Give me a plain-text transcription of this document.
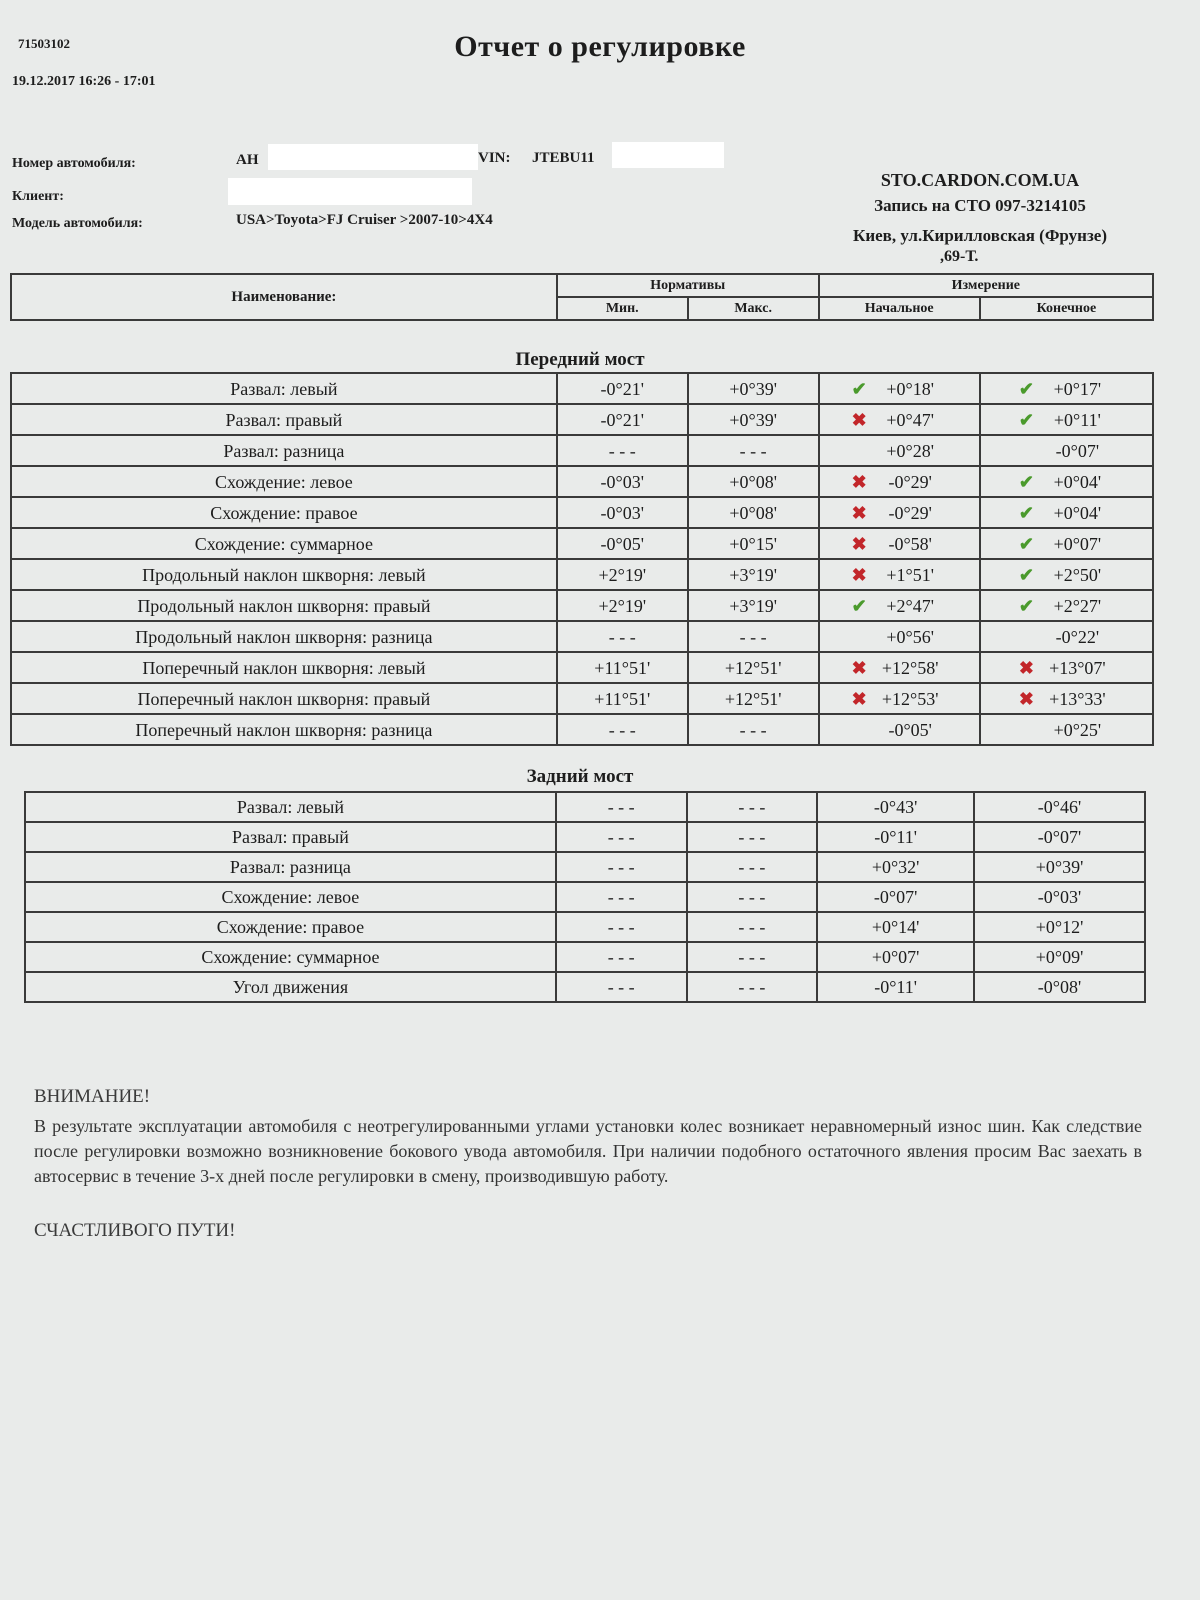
71503102
19.12.2017 16:26 - 17:01
Отчет о регулировке
Номер автомобиля:	AH	VIN: JTEBU11
Клиент:
Модель автомобиля:	USA>Toyota>FJ Cruiser >2007-10>4X4
STO.CARDON.COM.UA
Запись на СТО 097-3214105
Киев, ул.Кирилловская (Фрунзе)
,69-Т.
Наименование:	Нормативы		Измерение	
	Мин.	Макс.	Начальное	Конечное
Передний мост
Развал: левый	-0°21'	+0°39'	✔ +0°18'	✔ +0°17'
Развал: правый	-0°21'	+0°39'	✖ +0°47'	✔ +0°11'
Развал: разница	- - -	- - -	+0°28'	-0°07'
Схождение: левое	-0°03'	+0°08'	✖ -0°29'	✔ +0°04'
Схождение: правое	-0°03'	+0°08'	✖ -0°29'	✔ +0°04'
Схождение: суммарное	-0°05'	+0°15'	✖ -0°58'	✔ +0°07'
Продольный наклон шкворня: левый	+2°19'	+3°19'	✖ +1°51'	✔ +2°50'
Продольный наклон шкворня: правый	+2°19'	+3°19'	✔ +2°47'	✔ +2°27'
Продольный наклон шкворня: разница	- - -	- - -	+0°56'	-0°22'
Поперечный наклон шкворня: левый	+11°51'	+12°51'	✖ +12°58'	✖ +13°07'
Поперечный наклон шкворня: правый	+11°51'	+12°51'	✖ +12°53'	✖ +13°33'
Поперечный наклон шкворня: разница	- - -	- - -	-0°05'	+0°25'
Задний мост
Развал: левый	- - -	- - -	-0°43'	-0°46'
Развал: правый	- - -	- - -	-0°11'	-0°07'
Развал: разница	- - -	- - -	+0°32'	+0°39'
Схождение: левое	- - -	- - -	-0°07'	-0°03'
Схождение: правое	- - -	- - -	+0°14'	+0°12'
Схождение: суммарное	- - -	- - -	+0°07'	+0°09'
Угол движения	- - -	- - -	-0°11'	-0°08'
ВНИМАНИЕ!
В результате эксплуатации автомобиля с неотрегулированными углами установки колес возникает неравномерный износ шин. Как следствие после регулировки возможно возникновение бокового увода автомобиля. При наличии подобного остаточного явления просим Вас заехать в автосервис в течение 3-х дней после регулировки в смену, производившую работу.
СЧАСТЛИВОГО ПУТИ!
